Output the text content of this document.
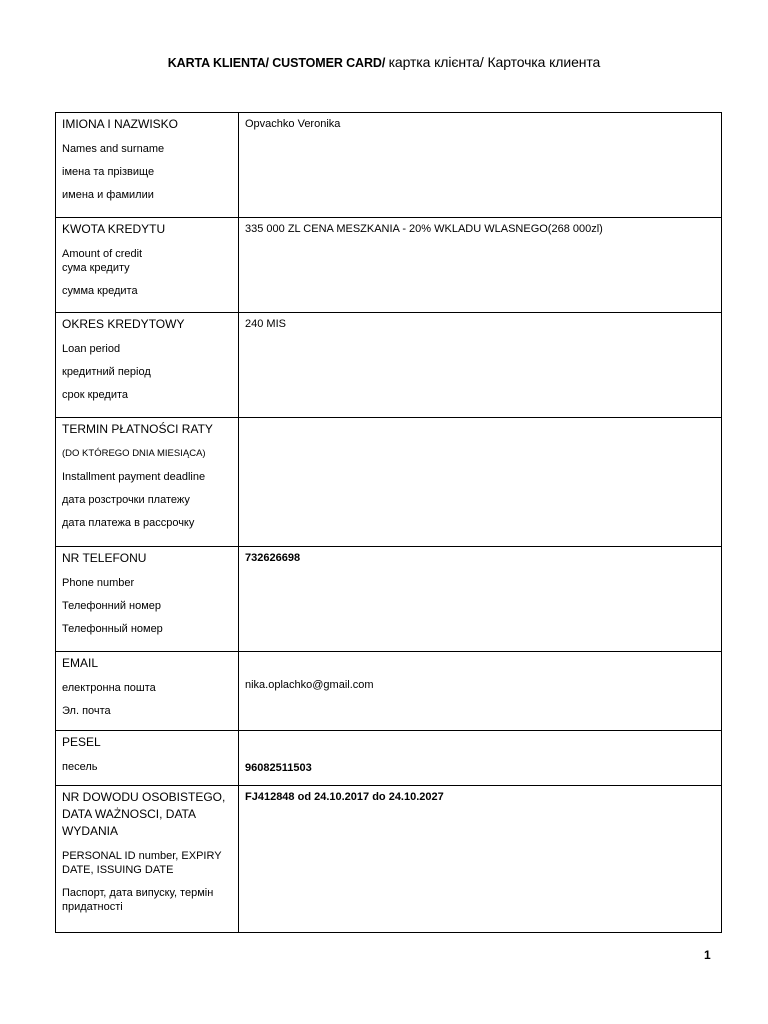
KARTA KLIENTA/ CUSTOMER CARD/ картка клієнта/ Карточка клиента
IMIONA I NAZWISKO
Names and surname
імена та прізвище
имена и фамилии	Opvachko Veronika

KWOTA KREDYTU
Amount of credit
сума кредиту
сумма кредита	335 000 ZL CENA MESZKANIA - 20% WKLADU WLASNEGO(268 000zl)

OKRES KREDYTOWY
Loan period
кредитний період
срок кредита	240 MIS

TERMIN PŁATNOŚCI RATY
(DO KTÓREGO DNIA MIESIĄCA)
Installment payment deadline
дата розстрочки платежу
дата платежа в рассрочку	

NR TELEFONU
Phone number
Телефонний номер
Телефонный номер	732626698

EMAIL
електронна пошта
Эл. почта	nika.oplachko@gmail.com

PESEL
песель	96082511503

NR DOWODU OSOBISTEGO, DATA WAŻNOSCI, DATA WYDANIA
PERSONAL ID number, EXPIRY DATE, ISSUING DATE
Паспорт, дата випуску, термін придатності	FJ412848 od 24.10.2017 do 24.10.2027
1
